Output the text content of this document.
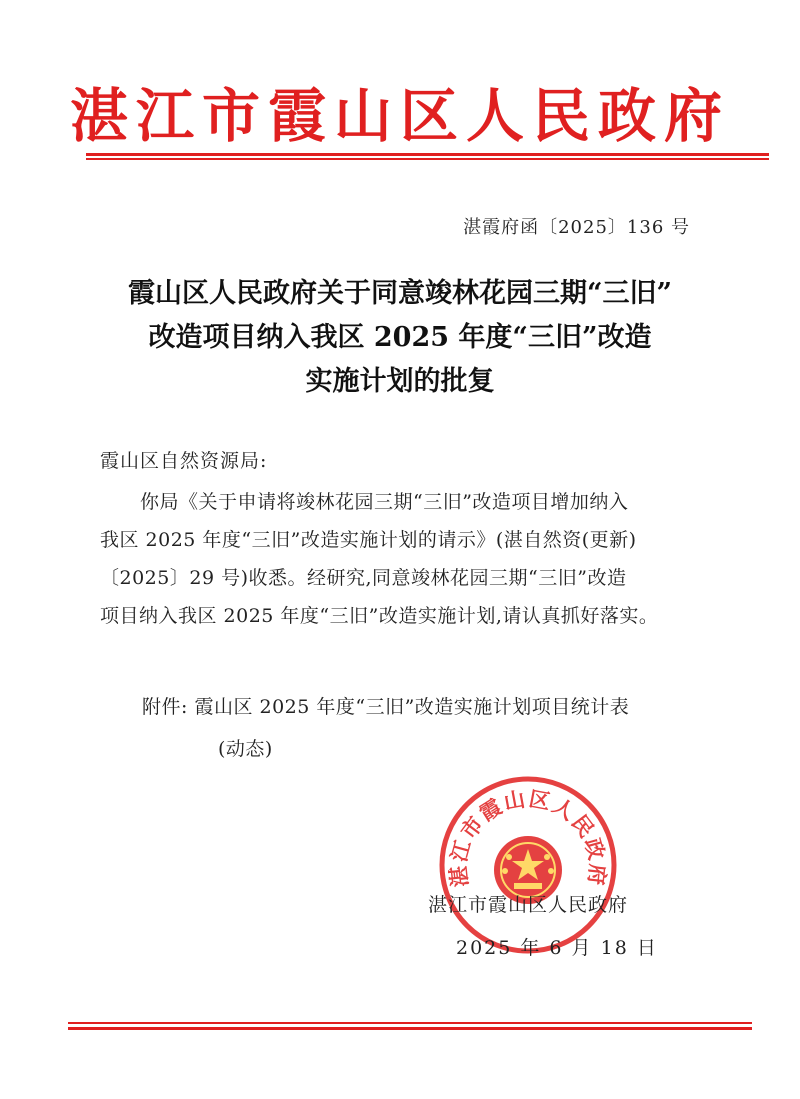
湛江市霞山区人民政府
湛霞府函〔2025〕136 号
霞山区人民政府关于同意竣林花园三期“三旧”
改造项目纳入我区 2025 年度“三旧”改造
实施计划的批复
霞山区自然资源局:
你局《关于申请将竣林花园三期“三旧”改造项目增加纳入
我区 2025 年度“三旧”改造实施计划的请示》(湛自然资(更新)
〔2025〕29 号)收悉。经研究,同意竣林花园三期“三旧”改造
项目纳入我区 2025 年度“三旧”改造实施计划,请认真抓好落实。
附件: 霞山区 2025 年度“三旧”改造实施计划项目统计表
(动态)
湛江市霞山区人民政府
湛江市霞山区人民政府
2025 年 6 月 18 日
